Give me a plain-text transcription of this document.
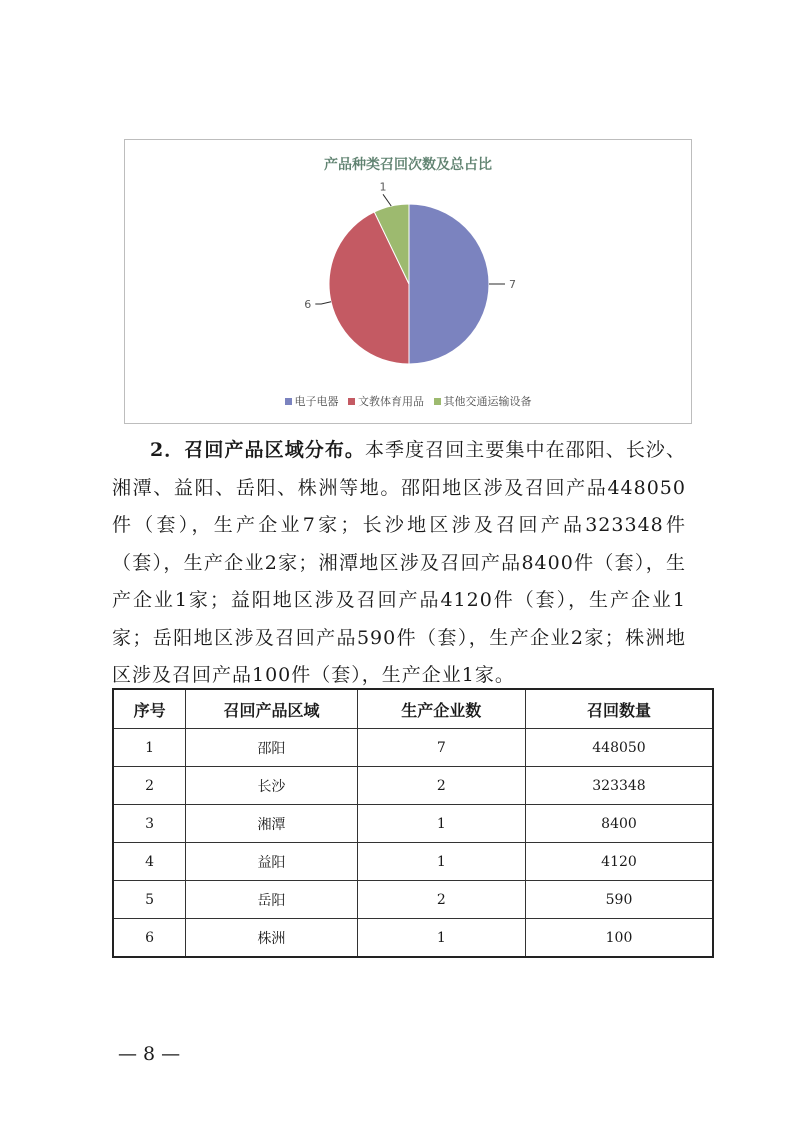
产品种类召回次数及总占比
7
6
1
电子电器 文教体育用品 其他交通运输设备
2．召回产品区域分布。本季度召回主要集中在邵阳、长沙、湘潭、益阳、岳阳、株洲等地。邵阳地区涉及召回产品448050件（套），生产企业7家；长沙地区涉及召回产品323348件（套），生产企业2家；湘潭地区涉及召回产品8400件（套），生产企业1家；益阳地区涉及召回产品4120件（套），生产企业1家；岳阳地区涉及召回产品590件（套），生产企业2家；株洲地区涉及召回产品100件（套），生产企业1家。
序号	召回产品区域	生产企业数	召回数量
1	邵阳	7	448050
2	长沙	2	323348
3	湘潭	1	8400
4	益阳	1	4120
5	岳阳	2	590
6	株洲	1	100
— 8 —
